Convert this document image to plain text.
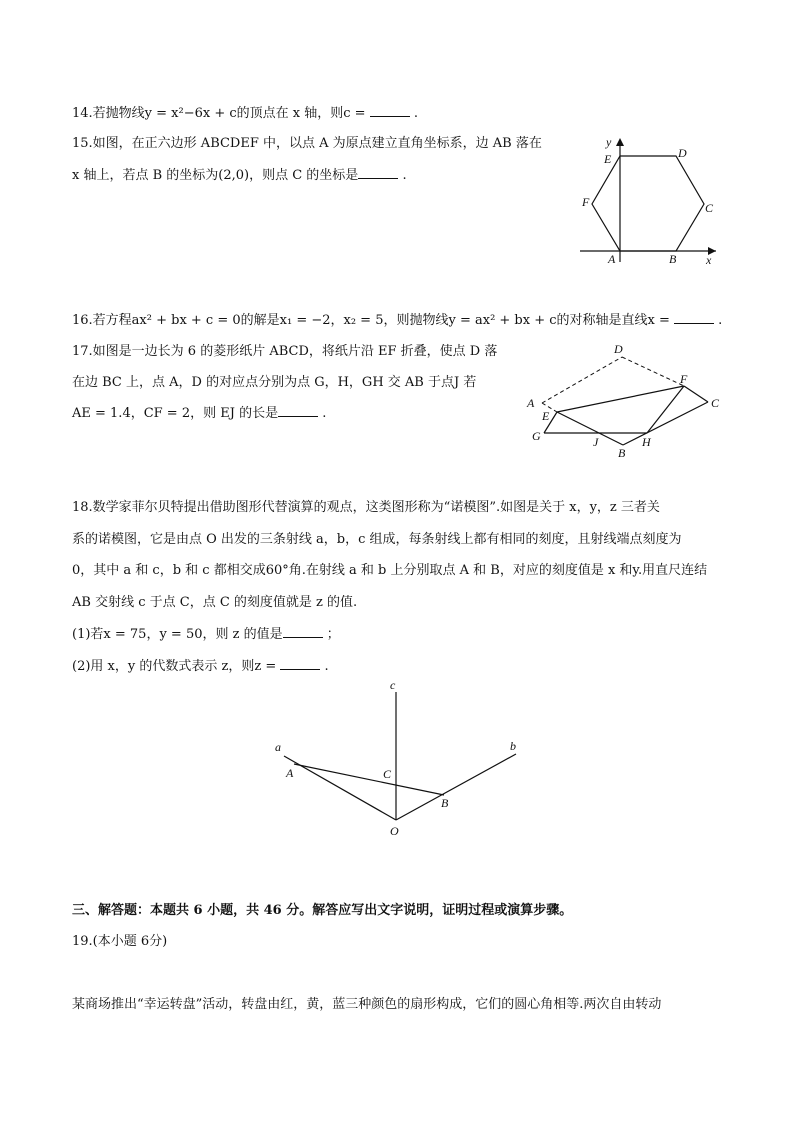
14.若抛物线y = x²−6x + c的顶点在 x 轴，则c =	.
15.如图，在正六边形 ABCDEF 中，以点 A 为原点建立直角坐标系，边 AB 落在
x 轴上，若点 B 的坐标为(2,0)，则点 C 的坐标是	.
y
x
A	B
C
D
E
F
16.若方程ax² + bx + c = 0的解是x₁ = −2，x₂ = 5，则抛物线y = ax² + bx + c的对称轴是直线x =	.
17.如图是一边长为 6 的菱形纸片 ABCD，将纸片沿 EF 折叠，使点 D 落
在边 BC 上，点 A，D 的对应点分别为点 G，H，GH 交 AB 于点J 若
AE = 1.4，CF = 2，则 EJ 的长是	.
D
F
A
E
C
G	J	H
B
18.数学家菲尔贝特提出借助图形代替演算的观点，这类图形称为“诺模图”.如图是关于 x，y，z 三者关
系的诺模图，它是由点 O 出发的三条射线 a，b，c 组成，每条射线上都有相同的刻度，且射线端点刻度为
0，其中 a 和 c，b 和 c 都相交成60°角.在射线 a 和 b 上分别取点 A 和 B，对应的刻度值是 x 和y.用直尺连结
AB 交射线 c 于点 C，点 C 的刻度值就是 z 的值.
(1)若x = 75，y = 50，则 z 的值是	；
(2)用 x，y 的代数式表示 z，则z =	.
c
a	b
A	C
B
O
三、解答题：本题共 6 小题，共 46 分。解答应写出文字说明，证明过程或演算步骤。
19.(本小题 6分)
某商场推出“幸运转盘”活动，转盘由红，黄，蓝三种颜色的扇形构成，它们的圆心角相等.两次自由转动
